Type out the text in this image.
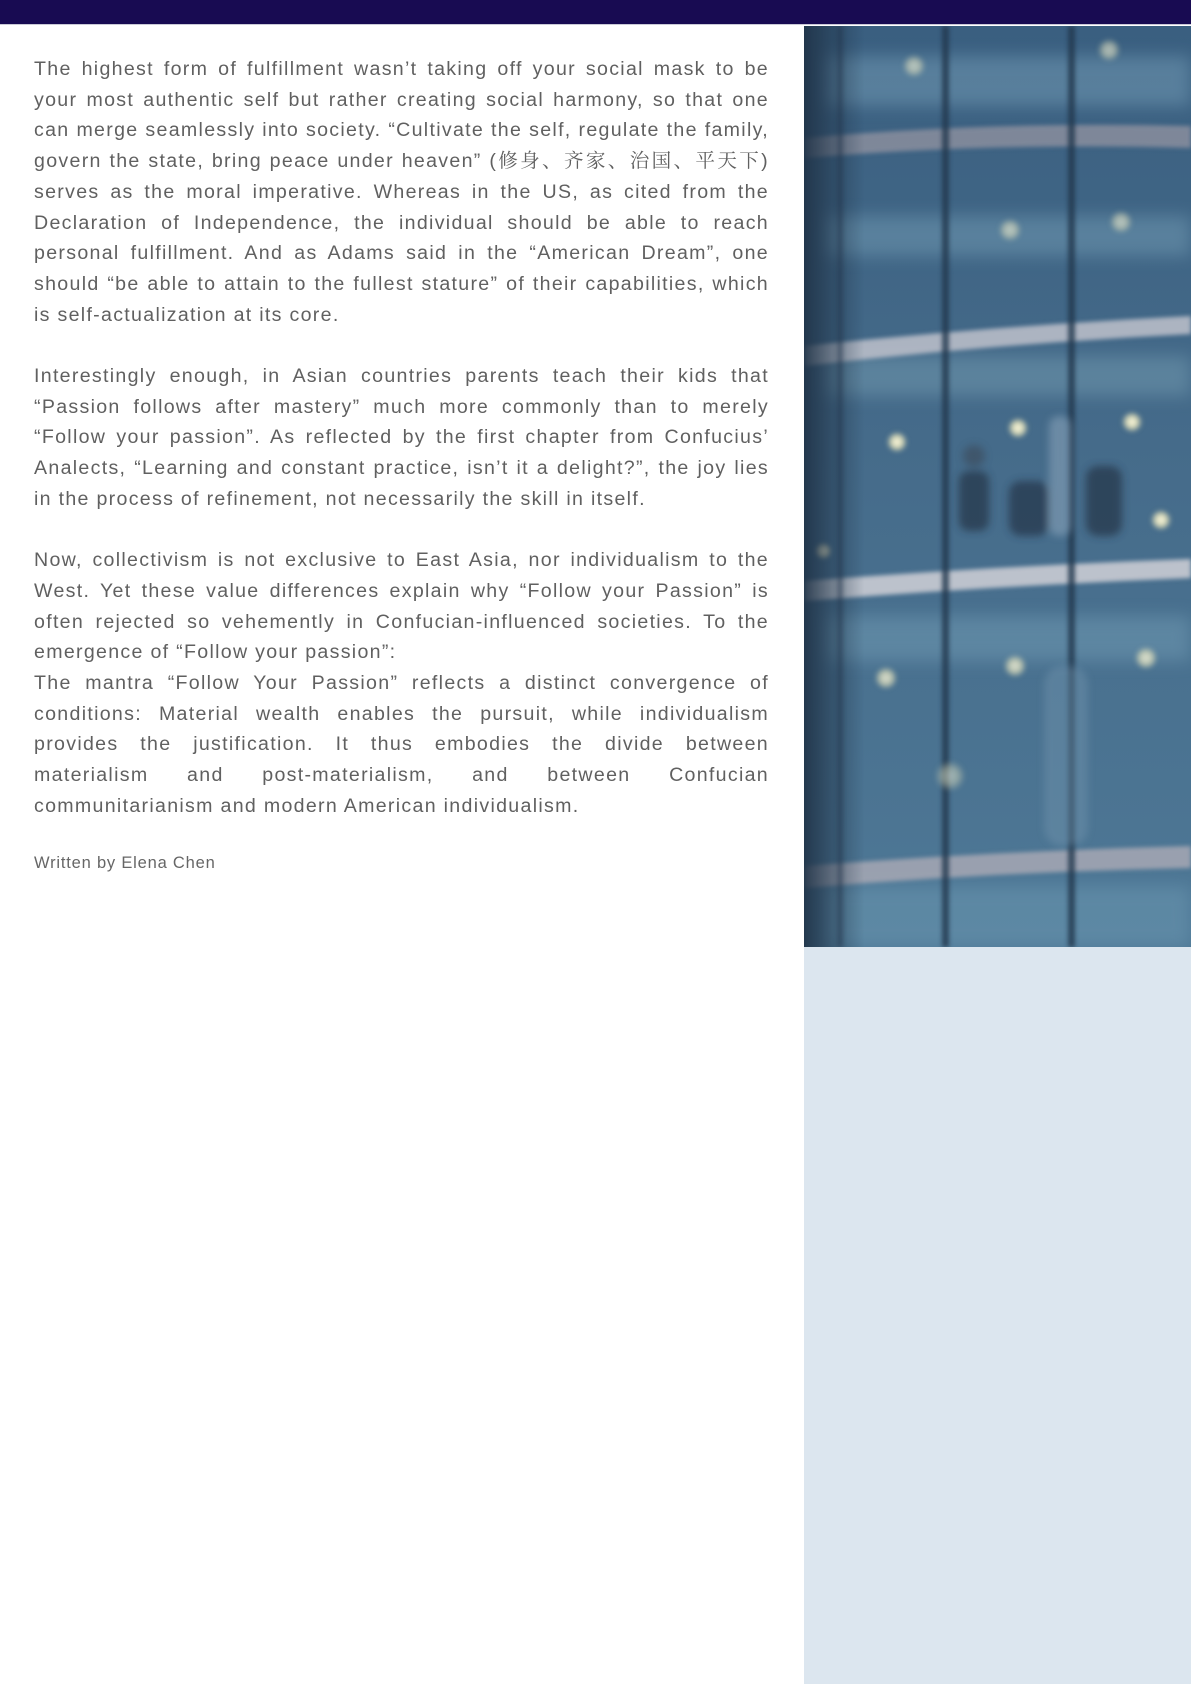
The highest form of fulfillment wasn’t taking off your social mask to be your most authentic self but rather creating social harmony, so that one can merge seamlessly into society. “Cultivate the self, regulate the family, govern the state, bring peace under heaven” (修身、齐家、治国、平天下) serves as the moral imperative. Whereas in the US, as cited from the Declaration of Independence, the individual should be able to reach personal fulfillment. And as Adams said in the “American Dream”, one should “be able to attain to the fullest stature” of their capabilities, which is self-actualization at its core.

Interestingly enough, in Asian countries parents teach their kids that “Passion follows after mastery” much more commonly than to merely “Follow your passion”. As reflected by the first chapter from Confucius’ Analects, “Learning and constant practice, isn’t it a delight?”, the joy lies in the process of refinement, not necessarily the skill in itself.

Now, collectivism is not exclusive to East Asia, nor individualism to the West. Yet these value differences explain why “Follow your Passion” is often rejected so vehemently in Confucian-influenced societies. To the emergence of “Follow your passion”:

The mantra “Follow Your Passion” reflects a distinct convergence of conditions: Material wealth enables the pursuit, while individualism provides the justification. It thus embodies the divide between materialism and post-materialism, and between Confucian communitarianism and modern American individualism.

Written by Elena Chen
